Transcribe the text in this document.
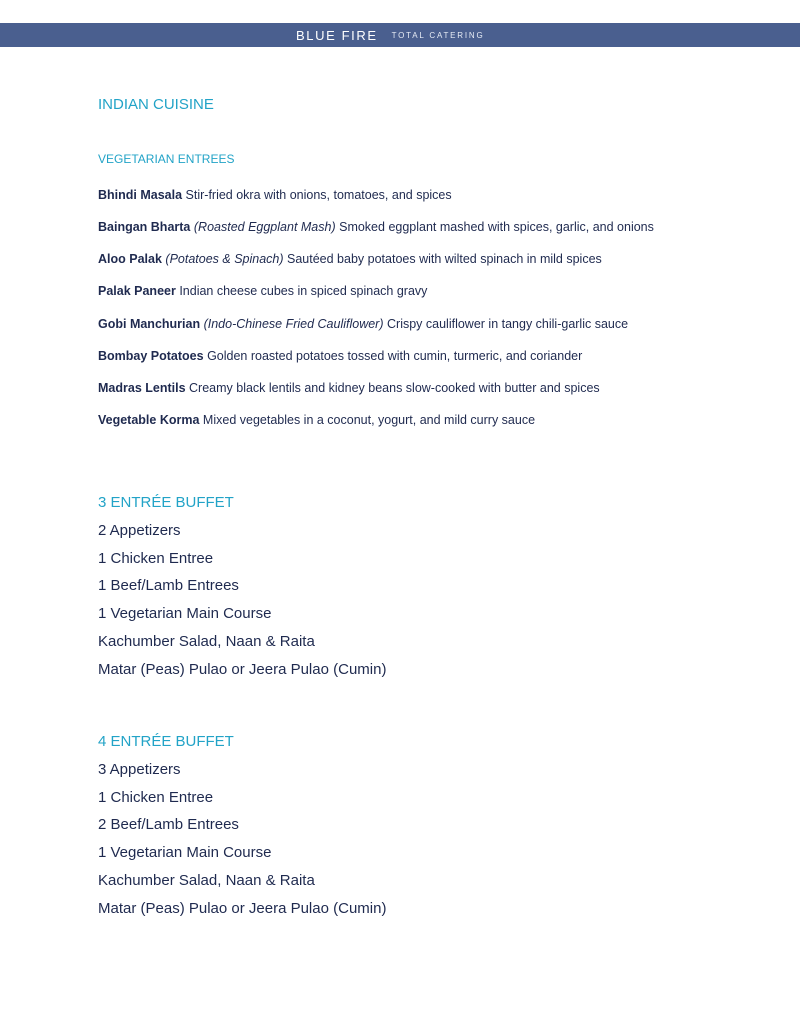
BLUE FIRE TOTAL CATERING
INDIAN CUISINE
VEGETARIAN ENTREES
Bhindi Masala Stir-fried okra with onions, tomatoes, and spices
Baingan Bharta (Roasted Eggplant Mash) Smoked eggplant mashed with spices, garlic, and onions
Aloo Palak (Potatoes & Spinach) Sautéed baby potatoes with wilted spinach in mild spices
Palak Paneer Indian cheese cubes in spiced spinach gravy
Gobi Manchurian (Indo-Chinese Fried Cauliflower) Crispy cauliflower in tangy chili-garlic sauce
Bombay Potatoes Golden roasted potatoes tossed with cumin, turmeric, and coriander
Madras Lentils Creamy black lentils and kidney beans slow-cooked with butter and spices
Vegetable Korma Mixed vegetables in a coconut, yogurt, and mild curry sauce
3 ENTRÉE BUFFET
2 Appetizers
1 Chicken Entree
1 Beef/Lamb Entrees
1 Vegetarian Main Course
Kachumber Salad, Naan & Raita
Matar (Peas) Pulao or Jeera Pulao (Cumin)
4 ENTRÉE BUFFET
3 Appetizers
1 Chicken Entree
2 Beef/Lamb Entrees
1 Vegetarian Main Course
Kachumber Salad, Naan & Raita
Matar (Peas) Pulao or Jeera Pulao (Cumin)
